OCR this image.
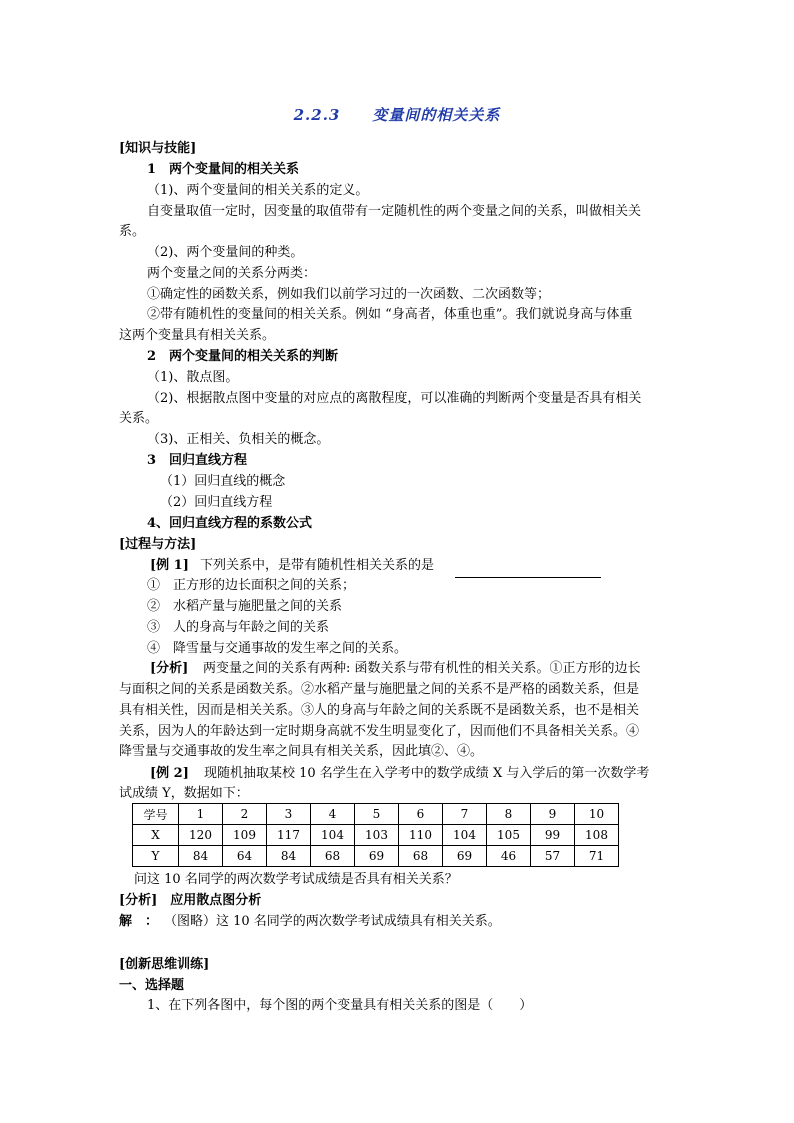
2.2.3　　变量间的相关关系
[知识与技能]
1　两个变量间的相关关系
（1)、两个变量间的相关关系的定义。
自变量取值一定时，因变量的取值带有一定随机性的两个变量之间的关系，叫做相关关
系。
（2)、两个变量间的种类。
两个变量之间的关系分两类：
①确定性的函数关系，例如我们以前学习过的一次函数、二次函数等；
②带有随机性的变量间的相关关系。例如 “身高者，体重也重”。我们就说身高与体重
这两个变量具有相关关系。
2　两个变量间的相关关系的判断
（1)、散点图。
（2)、根据散点图中变量的对应点的离散程度，可以准确的判断两个变量是否具有相关
关系。
（3)、正相关、负相关的概念。
3　回归直线方程
（1）回归直线的概念
（2）回归直线方程
4、回归直线方程的系数公式
[过程与方法]
[例 1] 下列关系中，是带有随机性相关关系的是
①　正方形的边长面积之间的关系；
②　水稻产量与施肥量之间的关系
③　人的身高与年龄之间的关系
④　降雪量与交通事故的发生率之间的关系。
[分析] 两变量之间的关系有两种: 函数关系与带有机性的相关关系。①正方形的边长
与面积之间的关系是函数关系。②水稻产量与施肥量之间的关系不是严格的函数关系，但是
具有相关性，因而是相关关系。③人的身高与年龄之间的关系既不是函数关系，也不是相关
关系，因为人的年龄达到一定时期身高就不发生明显变化了，因而他们不具备相关关系。④
降雪量与交通事故的发生率之间具有相关关系，因此填②、④。
[例 2] 现随机抽取某校 10 名学生在入学考中的数学成绩 X 与入学后的第一次数学考
试成绩 Y，数据如下：
学号	1	2	3	4	5	6	7	8	9	10
X	120	109	117	104	103	110	104	105	99	108
Y	84	64	84	68	69	68	69	46	57	71
问这 10 名同学的两次数学考试成绩是否具有相关关系？
[分析]　应用散点图分析
解　： （图略）这 10 名同学的两次数学考试成绩具有相关关系。
[创新思维训练]
一、选择题
1、在下列各图中，每个图的两个变量具有相关关系的图是（　　）
